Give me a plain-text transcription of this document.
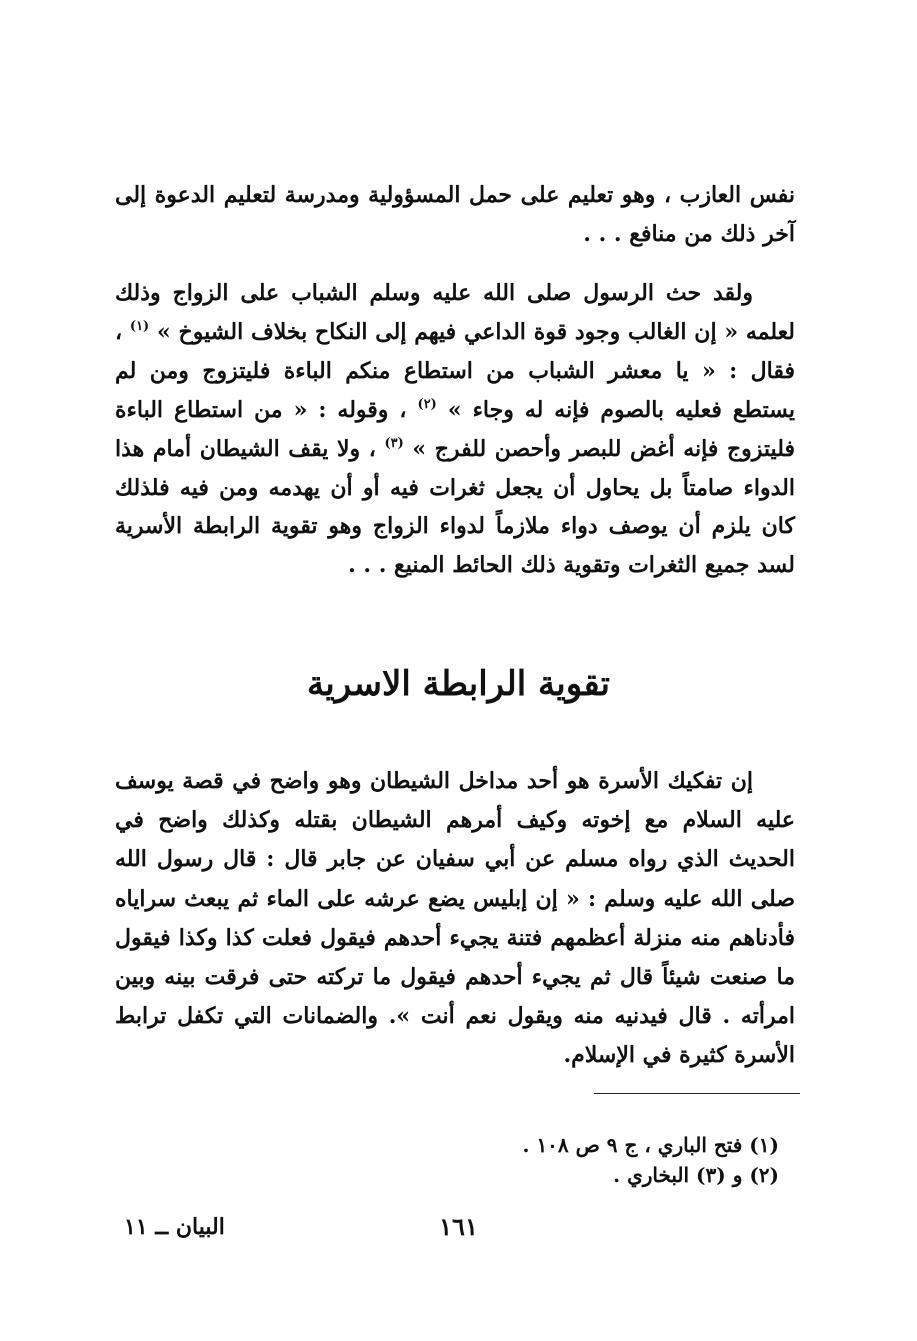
نفس العازب ، وهو تعليم على حمل المسؤولية ومدرسة لتعليم الدعوة إلى آخر ذلك من منافع . . .

ولقد حث الرسول صلى الله عليه وسلم الشباب على الزواج وذلك لعلمه « إن الغالب وجود قوة الداعي فيهم إلى النكاح بخلاف الشيوخ » $^{(١)}$ ، فقال : « يا معشر الشباب من استطاع منكم الباءة فليتزوج ومن لم يستطع فعليه بالصوم فإنه له وجاء » $^{(٢)}$ ، وقوله : « من استطاع الباءة فليتزوج فإنه أغض للبصر وأحصن للفرج » $^{(٣)}$ ، ولا يقف الشيطان أمام هذا الدواء صامتاً بل يحاول أن يجعل ثغرات فيه أو أن يهدمه ومن فيه فلذلك كان يلزم أن يوصف دواء ملازماً لدواء الزواج وهو تقوية الرابطة الأسرية لسد جميع الثغرات وتقوية ذلك الحائط المنيع . . .

تقوية الرابطة الاسرية

إن تفكيك الأسرة هو أحد مداخل الشيطان وهو واضح في قصة يوسف عليه السلام مع إخوته وكيف أمرهم الشيطان بقتله وكذلك واضح في الحديث الذي رواه مسلم عن أبي سفيان عن جابر قال : قال رسول الله صلى الله عليه وسلم : « إن إبليس يضع عرشه على الماء ثم يبعث سراياه فأدناهم منه منزلة أعظمهم فتنة يجيء أحدهم فيقول فعلت كذا وكذا فيقول ما صنعت شيئاً قال ثم يجيء أحدهم فيقول ما تركته حتى فرقت بينه وبين امرأته . قال فيدنيه منه ويقول نعم أنت ». والضمانات التي تكفل ترابط الأسرة كثيرة في الإسلام.

(١) فتح الباري ، ج ٩ ص ١٠٨ .
(٢) و (٣) البخاري .
١٦١
البيان ــ ١١
